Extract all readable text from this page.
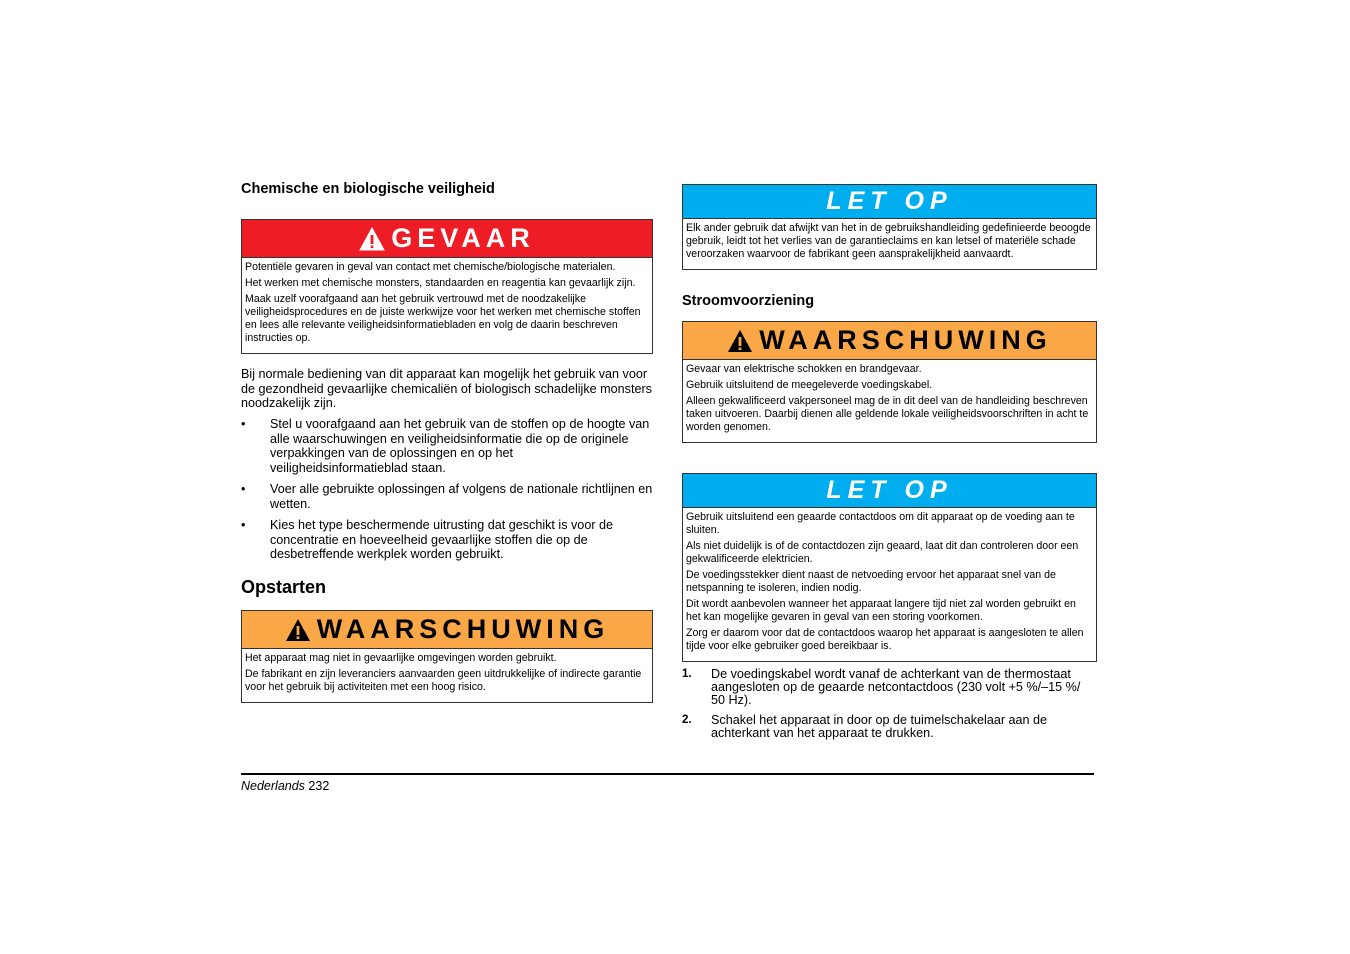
Chemische en biologische veiligheid
GEVAAR

Potentiële gevaren in geval van contact met chemische/biologische materialen.

Het werken met chemische monsters, standaarden en reagentia kan gevaarlijk zijn.

Maak uzelf voorafgaand aan het gebruik vertrouwd met de noodzakelijke veiligheidsprocedures en de juiste werkwijze voor het werken met chemische stoffen en lees alle relevante veiligheidsinformatiebladen en volg de daarin beschreven instructies op.

Bij normale bediening van dit apparaat kan mogelijk het gebruik van voor de gezondheid gevaarlijke chemicaliën of biologisch schadelijke monsters noodzakelijk zijn.

• Stel u voorafgaand aan het gebruik van de stoffen op de hoogte van alle waarschuwingen en veiligheidsinformatie die op de originele verpakkingen van de oplossingen en op het veiligheidsinformatieblad staan.
• Voer alle gebruikte oplossingen af volgens de nationale richtlijnen en wetten.
• Kies het type beschermende uitrusting dat geschikt is voor de concentratie en hoeveelheid gevaarlijke stoffen die op de desbetreffende werkplek worden gebruikt.
Opstarten
WAARSCHUWING

Het apparaat mag niet in gevaarlijke omgevingen worden gebruikt.

De fabrikant en zijn leveranciers aanvaarden geen uitdrukkelijke of indirecte garantie voor het gebruik bij activiteiten met een hoog risico.

LET OP

Elk ander gebruik dat afwijkt van het in de gebruikshandleiding gedefinieerde beoogde gebruik, leidt tot het verlies van de garantieclaims en kan letsel of materiële schade veroorzaken waarvoor de fabrikant geen aansprakelijkheid aanvaardt.

Stroomvoorziening
WAARSCHUWING

Gevaar van elektrische schokken en brandgevaar.

Gebruik uitsluitend de meegeleverde voedingskabel.

Alleen gekwalificeerd vakpersoneel mag de in dit deel van de handleiding beschreven taken uitvoeren. Daarbij dienen alle geldende lokale veiligheidsvoorschriften in acht te worden genomen.

LET OP

Gebruik uitsluitend een geaarde contactdoos om dit apparaat op de voeding aan te sluiten.

Als niet duidelijk is of de contactdozen zijn geaard, laat dit dan controleren door een gekwalificeerde elektricien.

De voedingsstekker dient naast de netvoeding ervoor het apparaat snel van de netspanning te isoleren, indien nodig.

Dit wordt aanbevolen wanneer het apparaat langere tijd niet zal worden gebruikt en het kan mogelijke gevaren in geval van een storing voorkomen.

Zorg er daarom voor dat de contactdoos waarop het apparaat is aangesloten te allen tijde voor elke gebruiker goed bereikbaar is.

1. De voedingskabel wordt vanaf de achterkant van de thermostaat aangesloten op de geaarde netcontactdoos (230 volt +5 %/–15 %/ 50 Hz).
2. Schakel het apparaat in door op de tuimelschakelaar aan de achterkant van het apparaat te drukken.
Nederlands 232
